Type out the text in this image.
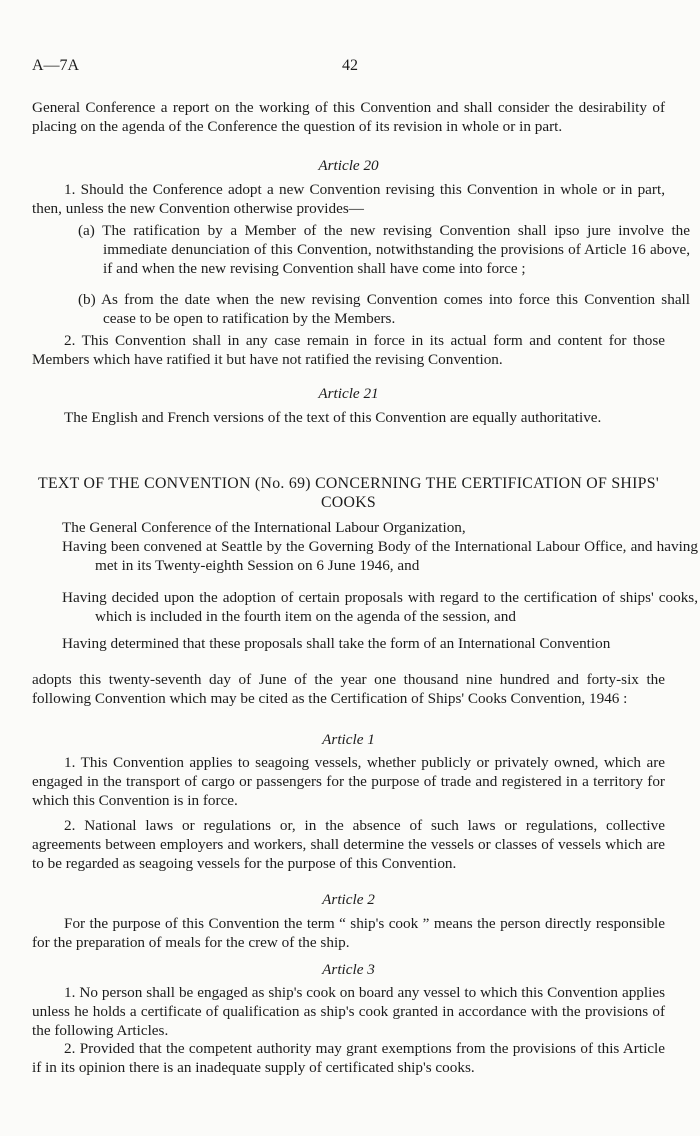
A—7A	42

General Conference a report on the working of this Convention and shall consider the desirability of placing on the agenda of the Conference the question of its revision in whole or in part.

Article 20

1. Should the Conference adopt a new Convention revising this Convention in whole or in part, then, unless the new Convention otherwise provides—

(a) The ratification by a Member of the new revising Convention shall ipso jure involve the immediate denunciation of this Convention, notwithstanding the provisions of Article 16 above, if and when the new revising Convention shall have come into force ;

(b) As from the date when the new revising Convention comes into force this Convention shall cease to be open to ratification by the Members.

2. This Convention shall in any case remain in force in its actual form and content for those Members which have ratified it but have not ratified the revising Convention.

Article 21

The English and French versions of the text of this Convention are equally authoritative.

TEXT OF THE CONVENTION (No. 69) CONCERNING THE CERTIFICATION OF SHIPS' COOKS

The General Conference of the International Labour Organization,

Having been convened at Seattle by the Governing Body of the International Labour Office, and having met in its Twenty-eighth Session on 6 June 1946, and

Having decided upon the adoption of certain proposals with regard to the certification of ships' cooks, which is included in the fourth item on the agenda of the session, and

Having determined that these proposals shall take the form of an International Convention

adopts this twenty-seventh day of June of the year one thousand nine hundred and forty-six the following Convention which may be cited as the Certification of Ships' Cooks Convention, 1946 :

Article 1

1. This Convention applies to seagoing vessels, whether publicly or privately owned, which are engaged in the transport of cargo or passengers for the purpose of trade and registered in a territory for which this Convention is in force.

2. National laws or regulations or, in the absence of such laws or regulations, collective agreements between employers and workers, shall determine the vessels or classes of vessels which are to be regarded as seagoing vessels for the purpose of this Convention.

Article 2

For the purpose of this Convention the term “ ship's cook ” means the person directly responsible for the preparation of meals for the crew of the ship.

Article 3

1. No person shall be engaged as ship's cook on board any vessel to which this Convention applies unless he holds a certificate of qualification as ship's cook granted in accordance with the provisions of the following Articles.

2. Provided that the competent authority may grant exemptions from the provisions of this Article if in its opinion there is an inadequate supply of certificated ship's cooks.
